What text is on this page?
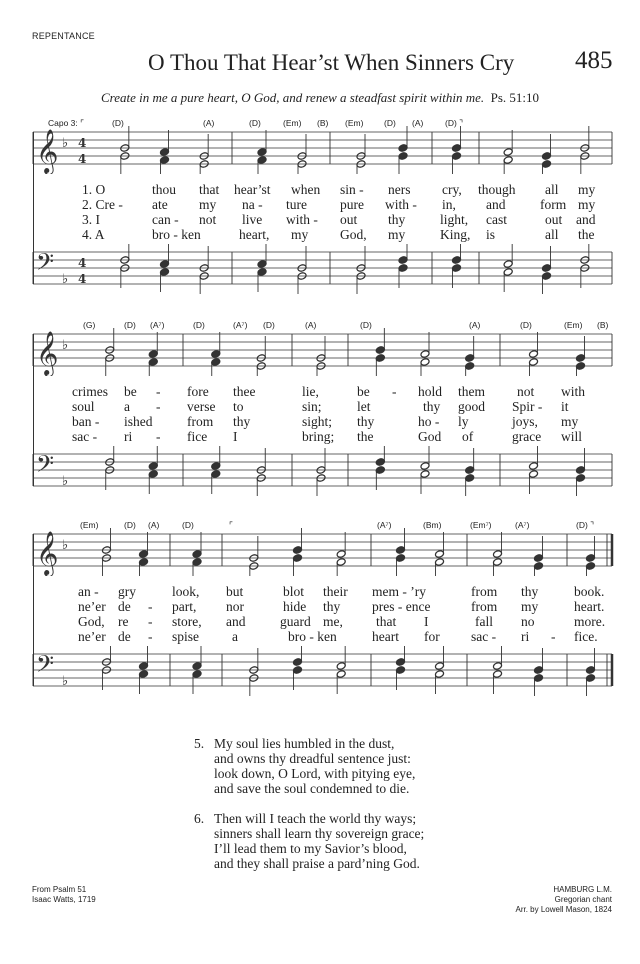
REPENTANCE
O Thou That Hear’st When Sinners Cry 485
Create in me a pure heart, O God, and renew a steadfast spirit within me. Ps. 51:10
Capo 3: ⌜	(D)	(A)	(D)	(Em) (B) (Em) (D) (A)	(D) ⌝
𝄞 ♭ 4
4
1. O	thou that hear’st when sin - ners cry, though all my
2. Cre - ate my na - ture pure with - in, and	form my
3. I	can - not live with - out thy	light, cast	out and
4. A	bro - ken	heart, my God, my	King, is	all the
𝄢 ♭
4
4
(G)	(D) (A⁷)	(D)	(A⁷) (D)	(A)	(D)	(A)	(D)	(Em) (B)
𝄞 ♭
crimes be - fore thee	lie,	be - hold them not with
soul a - verse to	sin;	let	thy good Spir - it
ban - ished	from thy	sight; thy	ho - ly	joys, my
sac - ri - fice I	bring; the	God of	grace will
𝄢 ♭
(Em)	(D) (A)	(D)	⌜	(A⁷)	(Bm)	(Em⁷)	(A⁷)	(D) ⌝
𝄞 ♭
an - gry	look, but	blot their mem - ’ry	from thy	book.
ne’er de - part, nor	hide thy pres - ence	from my	heart.
God, re - store, and	guard me, that I	fall no	more.
ne’er de - spise a	bro - ken	heart for sac - ri - fice.
𝄢 ♭
5. My soul lies humbled in the dust,
and owns thy dreadful sentence just:
look down, O Lord, with pitying eye,
and save the soul condemned to die.
6. Then will I teach the world thy ways;
sinners shall learn thy sovereign grace;
I’ll lead them to my Savior’s blood,
and they shall praise a pard’ning God.
From Psalm 51
Isaac Watts, 1719
HAMBURG L.M.
Gregorian chant
Arr. by Lowell Mason, 1824
